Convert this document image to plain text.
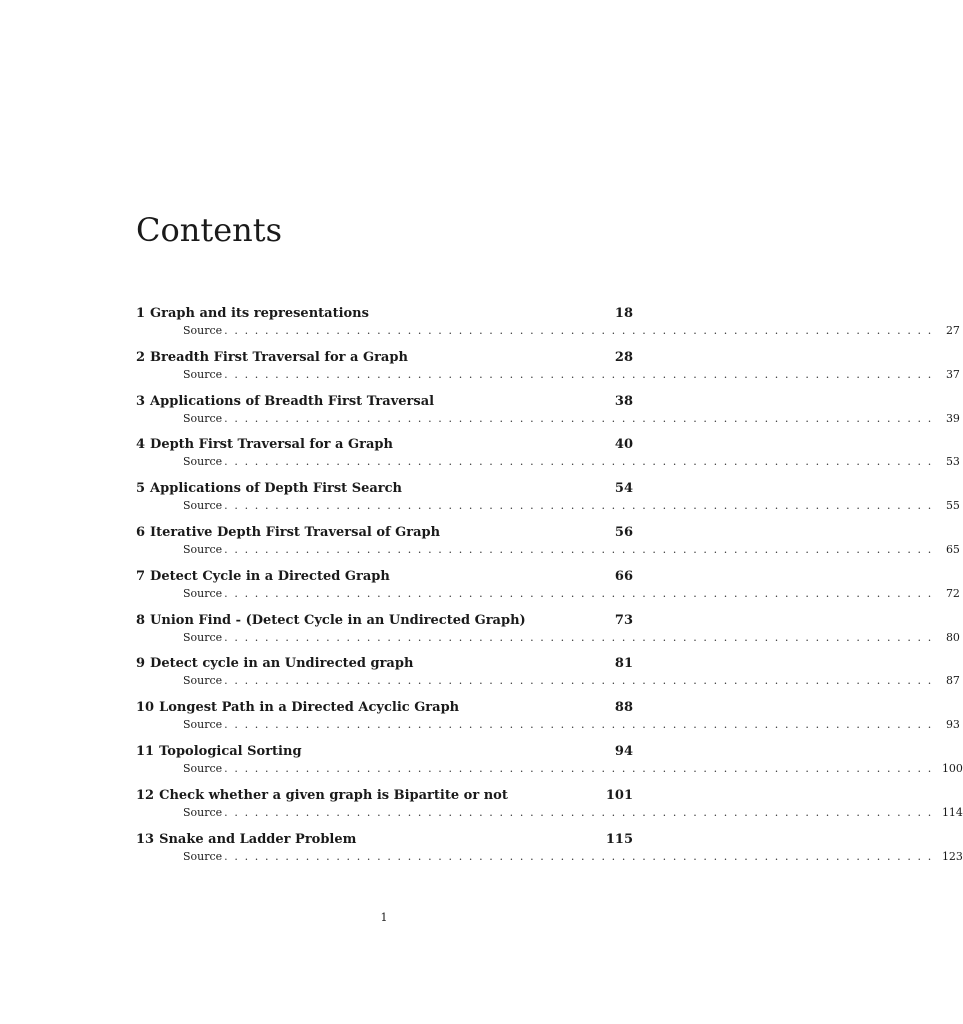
Contents
1 Graph and its representations	18
Source ...................................................................... 27
2 Breadth First Traversal for a Graph	28
Source ...................................................................... 37
3 Applications of Breadth First Traversal	38
Source ...................................................................... 39
4 Depth First Traversal for a Graph	40
Source ...................................................................... 53
5 Applications of Depth First Search	54
Source ...................................................................... 55
6 Iterative Depth First Traversal of Graph	56
Source ...................................................................... 65
7 Detect Cycle in a Directed Graph	66
Source ...................................................................... 72
8 Union Find - (Detect Cycle in an Undirected Graph)	73
Source ...................................................................... 80
9 Detect cycle in an Undirected graph	81
Source ...................................................................... 87
10 Longest Path in a Directed Acyclic Graph	88
Source ...................................................................... 93
11 Topological Sorting	94
Source ...................................................................... 100
12 Check whether a given graph is Bipartite or not	101
Source ...................................................................... 114
13 Snake and Ladder Problem	115
Source ...................................................................... 123
1
